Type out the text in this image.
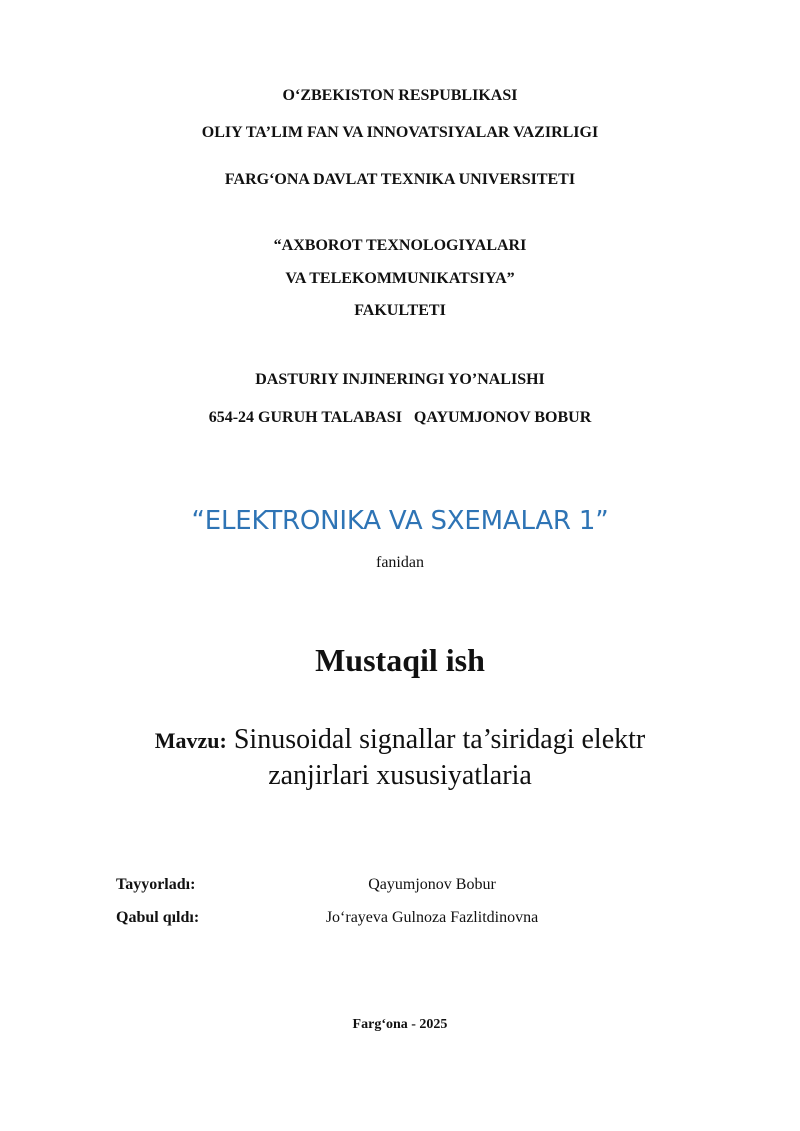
O‘ZBEKISTON RESPUBLIKASI
OLIY TA’LIM FAN VA INNOVATSIYALAR VAZIRLIGI
FARG‘ONA DAVLAT TEXNIKA UNIVERSITETI
“AXBOROT TEXNOLOGIYALARI
VA TELEKOMMUNIKATSIYA”
FAKULTETI
DASTURIY INJINERINGI YO’NALISHI
654-24 GURUH TALABASI   QAYUMJONOV BOBUR
“ELEKTRONIKA VA SXEMALAR 1”
fanidan
Mustaqil ish
Mavzu: Sinusoidal signallar ta’siridagi elektr
zanjirlari xususiyatlaria
Tayyorladı:	Qayumjonov Bobur
Qabul qıldı:	Jo‘rayeva Gulnoza Fazlitdinovna
Farg‘ona - 2025
